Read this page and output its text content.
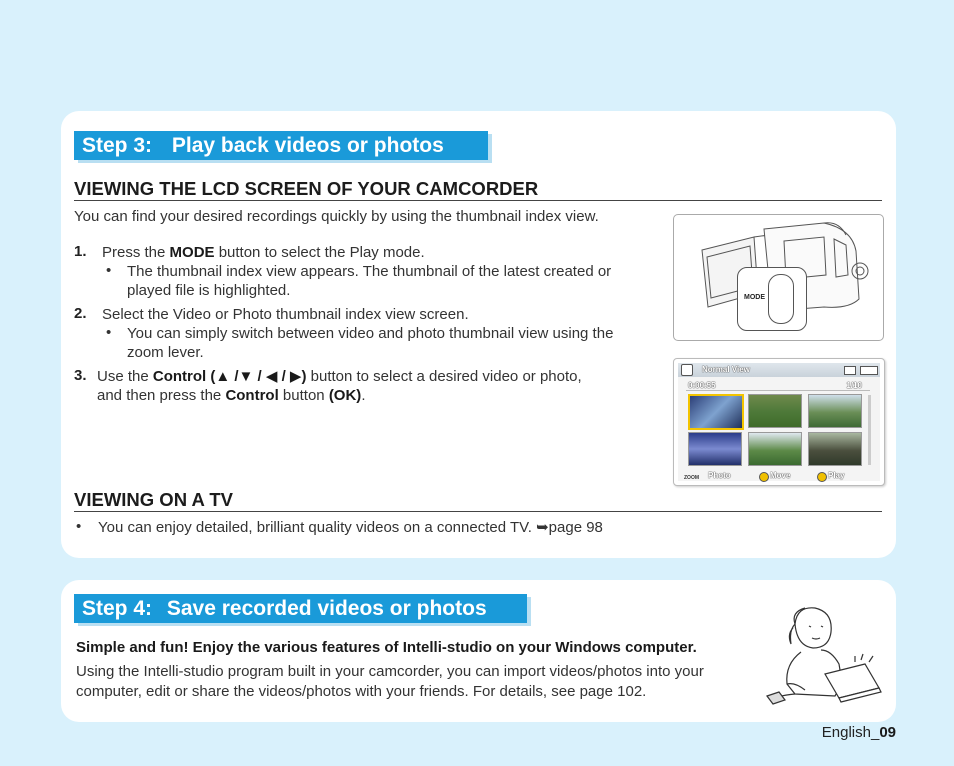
Step 3: Play back videos or photos
VIEWING THE LCD SCREEN OF YOUR CAMCORDER
You can find your desired recordings quickly by using the thumbnail index view.
1. Press the MODE button to select the Play mode.
• The thumbnail index view appears. The thumbnail of the latest created or
played file is highlighted.
2. Select the Video or Photo thumbnail index view screen.
• You can simply switch between video and photo thumbnail view using the
zoom lever.
3. Use the Control (▲ /▼ / ◀ / ▶) button to select a desired video or photo,
and then press the Control button (OK).
MODE
Normal View
0:00:55	1/10
ZOOM Photo	Move	Play
VIEWING ON A TV
• You can enjoy detailed, brilliant quality videos on a connected TV. ➥page 98
Step 4: Save recorded videos or photos
Simple and fun! Enjoy the various features of Intelli-studio on your Windows computer.
Using the Intelli-studio program built in your camcorder, you can import videos/photos into your
computer, edit or share the videos/photos with your friends. For details, see page 102.
English_09
